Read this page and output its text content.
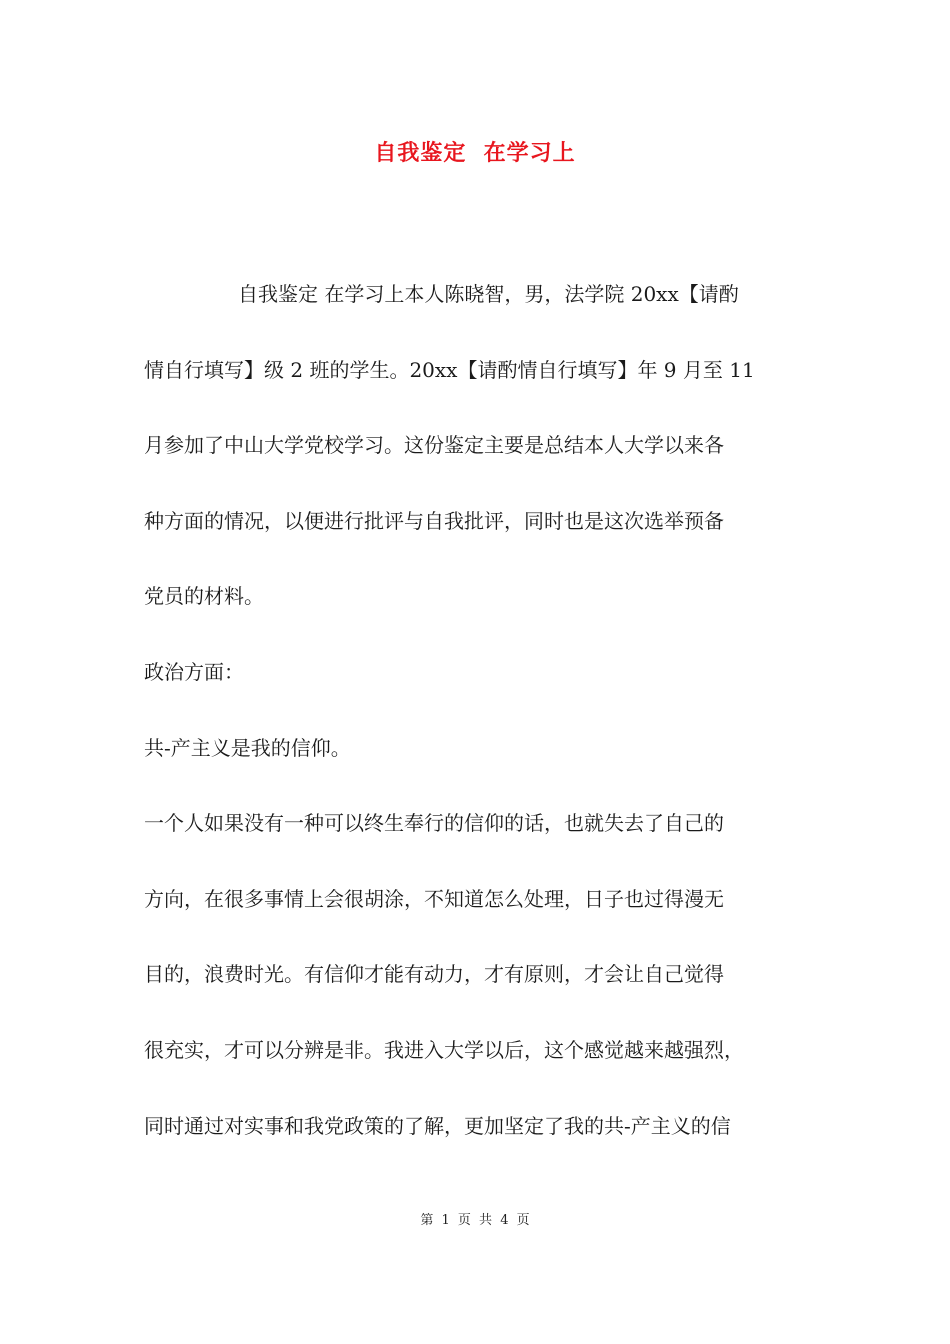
自我鉴定  在学习上
自我鉴定 在学习上本人陈晓智，男，法学院 20xx【请酌
情自行填写】级 2 班的学生。20xx【请酌情自行填写】年 9 月至 11
月参加了中山大学党校学习。这份鉴定主要是总结本人大学以来各
种方面的情况，以便进行批评与自我批评，同时也是这次选举预备
党员的材料。
政治方面：
共-产主义是我的信仰。
一个人如果没有一种可以终生奉行的信仰的话，也就失去了自己的
方向，在很多事情上会很胡涂，不知道怎么处理，日子也过得漫无
目的，浪费时光。有信仰才能有动力，才有原则，才会让自己觉得
很充实，才可以分辨是非。我进入大学以后，这个感觉越来越强烈，
同时通过对实事和我党政策的了解，更加坚定了我的共-产主义的信
第 1 页 共 4 页
